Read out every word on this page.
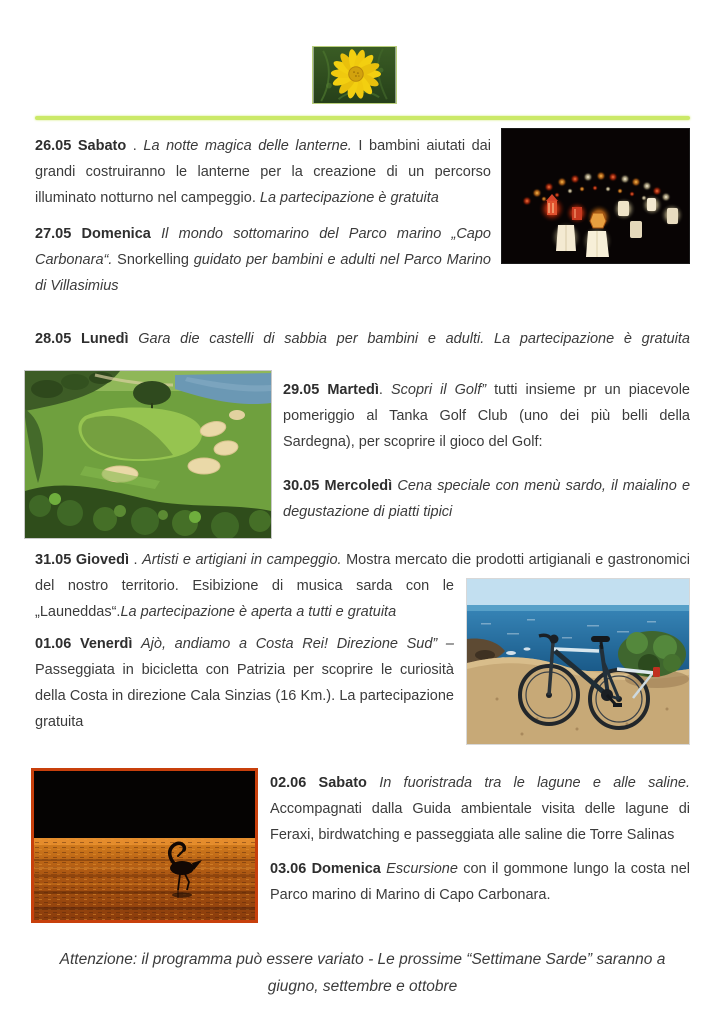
26.05 Sabato . La notte magica delle lanterne. I bambini aiutati dai grandi costruiranno le lanterne per la creazione di un percorso illuminato notturno nel campeggio. La partecipazione è gratuita

27.05 Domenica Il mondo sottomarino del Parco marino „Capo Carbonara“. Snorkelling guidato per bambini e adulti nel Parco Marino di Villasimius

28.05 Lunedì Gara die castelli di sabbia per bambini e adulti. La partecipazione è gratuita

29.05 Martedì. Scopri il Golf” tutti insieme pr un piacevole pomeriggio al Tanka Golf Club (uno dei più belli della Sardegna), per scoprire il gioco del Golf:

30.05 Mercoledì Cena speciale con menù sardo, il maialino e degustazione di piatti tipici

31.05 Giovedì . Artisti e artigiani in campeggio. Mostra mercato die prodotti artigianali e gastronomici del nostro territorio. Esibizione di musica
sarda con le „Launeddas“.La partecipazione è aperta a tutti e gratuita

01.06 Venerdì Ajò, andiamo a Costa Rei! Direzione Sud” – Passeggiata in bicicletta con Patrizia per scoprire le curiosità della Costa in direzione Cala Sinzias (16 Km.). La partecipazione gratuita

02.06 Sabato In fuoristrada tra le lagune e alle saline. Accompagnati dalla Guida ambientale visita delle lagune di Feraxi, birdwatching e passeggiata alle saline die Torre Salinas

03.06 Domenica Escursione con il gommone lungo la costa nel Parco marino di Marino di Capo Carbonara.

Attenzione: il programma può essere variato - Le prossime “Settimane Sarde” saranno a giugno, settembre e ottobre
